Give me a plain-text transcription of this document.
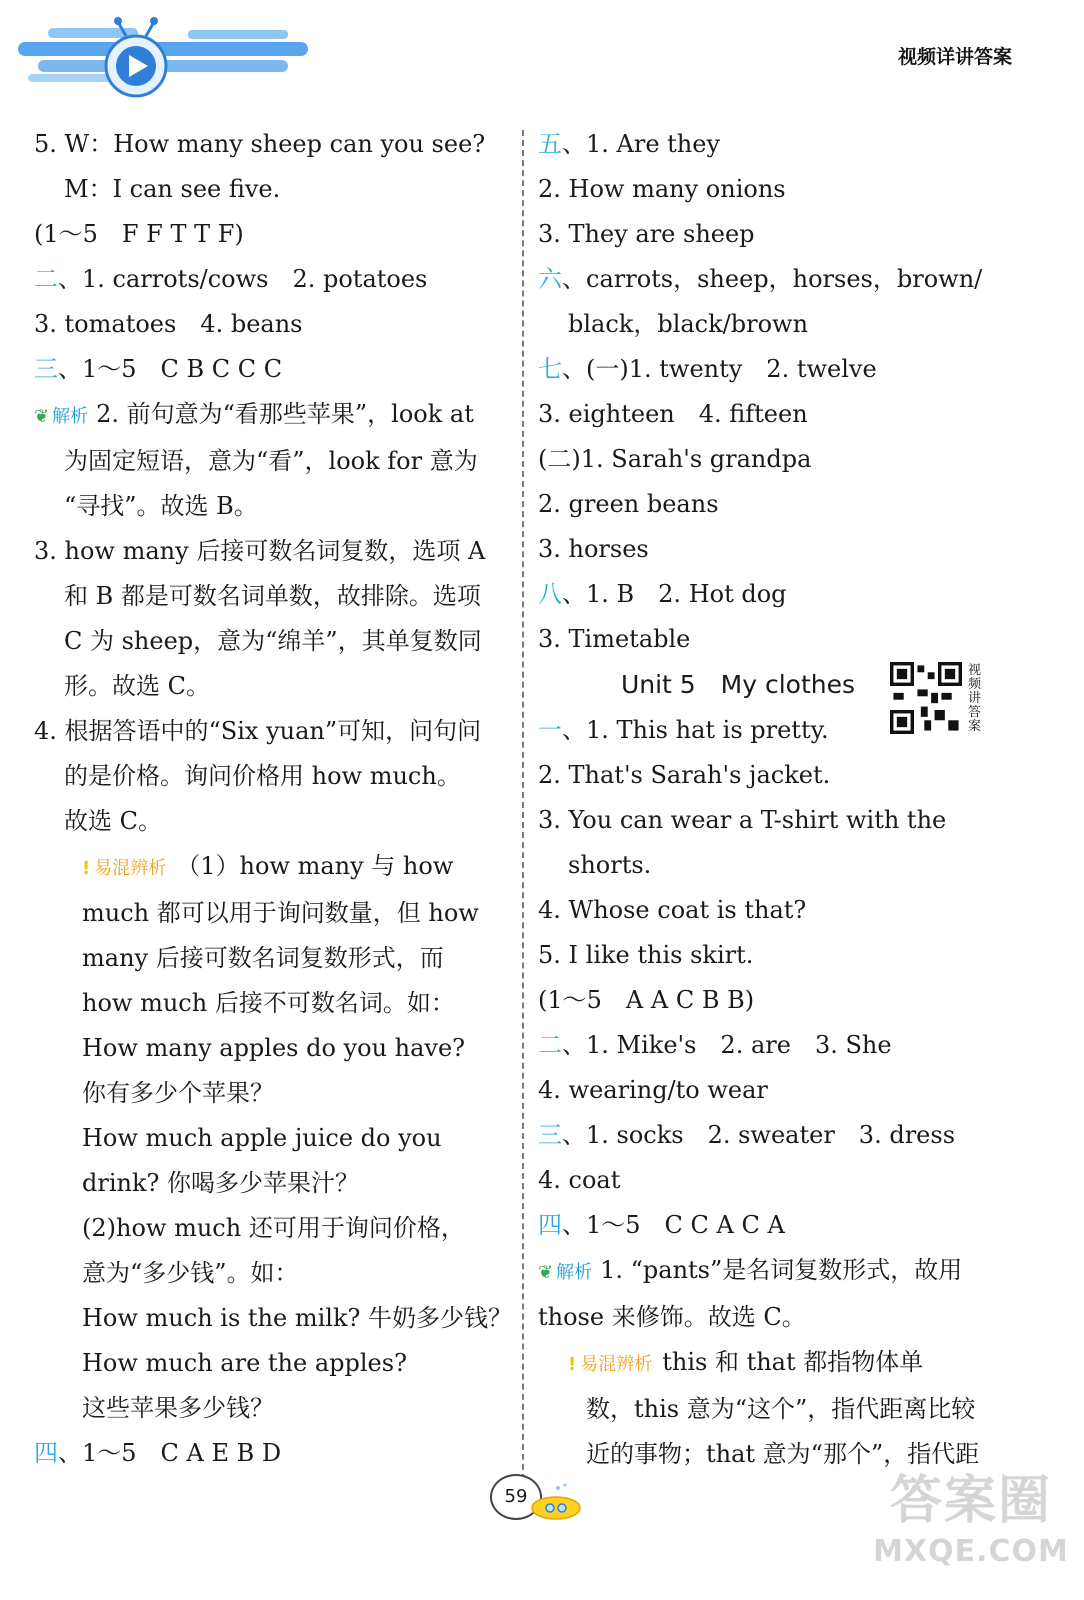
视频详讲答案
5. W：How many sheep can you see?
M：I can see five.
(1～5　F F T T F)
二、1. carrots/cows　2. potatoes
3. tomatoes　4. beans
三、1～5　C B C C C
❦ 解析 2. 前句意为“看那些苹果”，look at
为固定短语，意为“看”，look for 意为
“寻找”。故选 B。
3. how many 后接可数名词复数，选项 A
和 B 都是可数名词单数，故排除。选项
C 为 sheep，意为“绵羊”，其单复数同
形。故选 C。
4. 根据答语中的“Six yuan”可知，问句问
的是价格。询问价格用 how much。
故选 C。
! 易混辨析 （1）how many 与 how
much 都可以用于询问数量，但 how
many 后接可数名词复数形式，而
how much 后接不可数名词。如：
How many apples do you have?
你有多少个苹果？
How much apple juice do you
drink? 你喝多少苹果汁？
(2)how much 还可用于询问价格，
意为“多少钱”。如：
How much is the milk? 牛奶多少钱？
How much are the apples?
这些苹果多少钱？
四、1～5　C A E B D
五、1. Are they
2. How many onions
3. They are sheep
六、carrots，sheep，horses，brown/
black，black/brown
七、(一)1. twenty　2. twelve
3. eighteen　4. fifteen
(二)1. Sarah's grandpa
2. green beans
3. horses
八、1. B　2. Hot dog
3. Timetable
Unit 5　My clothes
一、1. This hat is pretty.
2. That's Sarah's jacket.
3. You can wear a T-shirt with the
shorts.
4. Whose coat is that?
5. I like this skirt.
(1～5　A A C B B)
二、1. Mike's　2. are　3. She
4. wearing/to wear
三、1. socks　2. sweater　3. dress
4. coat
四、1～5　C C A C A
❦ 解析 1. “pants”是名词复数形式，故用
those 来修饰。故选 C。
! 易混辨析 this 和 that 都指物体单
数，this 意为“这个”，指代距离比较
近的事物；that 意为“那个”，指代距
视频讲答案
59	答案圈
MXQE.COM
